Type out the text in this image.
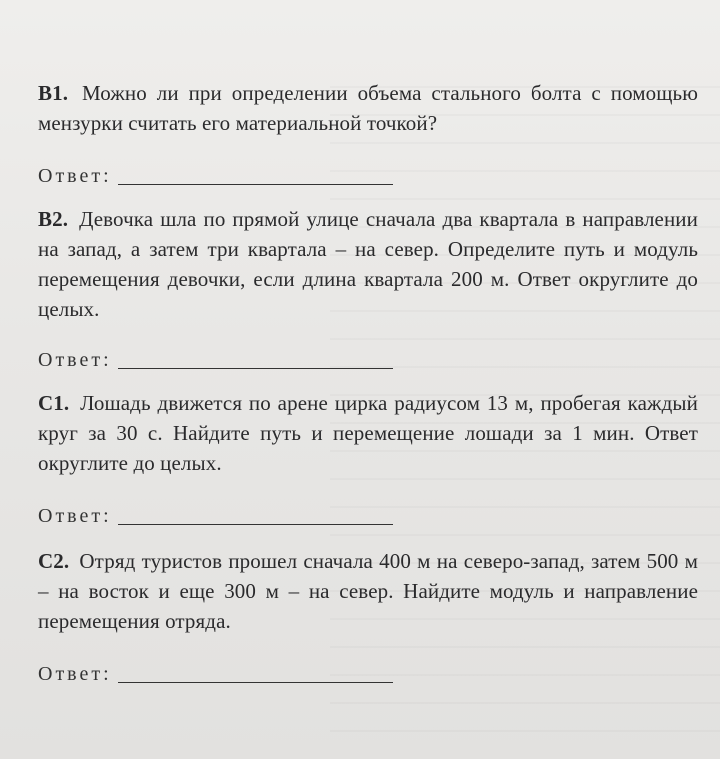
В1. Можно ли при определении объема стального болта с помощью мензурки считать его материальной точкой?

Ответ:

В2. Девочка шла по прямой улице сначала два квартала в направлении на запад, а затем три квартала – на север. Определите путь и модуль перемещения девочки, если длина квартала 200 м. Ответ округлите до целых.

Ответ:

С1. Лошадь движется по арене цирка радиусом 13 м, пробегая каждый круг за 30 с. Найдите путь и перемещение лошади за 1 мин. Ответ округлите до целых.

Ответ:

С2. Отряд туристов прошел сначала 400 м на северо-запад, затем 500 м – на восток и еще 300 м – на север. Найдите модуль и направление перемещения отряда.

Ответ:
